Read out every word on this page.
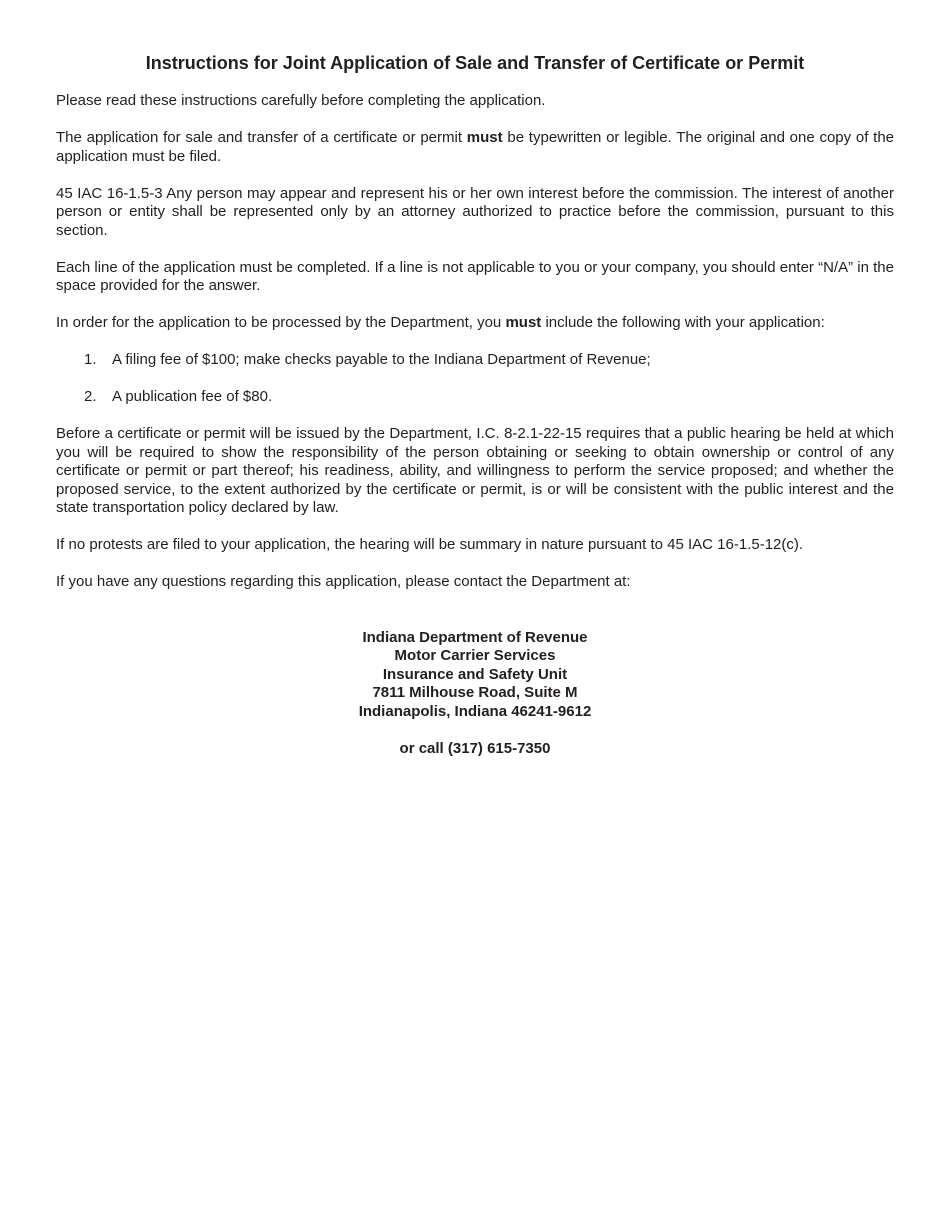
Instructions for Joint Application of Sale and Transfer of Certificate or Permit

Please read these instructions carefully before completing the application.

The application for sale and transfer of a certificate or permit must be typewritten or legible. The original and one copy of the application must be filed.

45 IAC 16-1.5-3 Any person may appear and represent his or her own interest before the commission. The interest of another person or entity shall be represented only by an attorney authorized to practice before the commission, pursuant to this section.

Each line of the application must be completed. If a line is not applicable to you or your company, you should enter “N/A” in the space provided for the answer.

In order for the application to be processed by the Department, you must include the following with your application:

1. A filing fee of $100; make checks payable to the Indiana Department of Revenue;
2. A publication fee of $80.

Before a certificate or permit will be issued by the Department, I.C. 8-2.1-22-15 requires that a public hearing be held at which you will be required to show the responsibility of the person obtaining or seeking to obtain ownership or control of any certificate or permit or part thereof; his readiness, ability, and willingness to perform the service proposed; and whether the proposed service, to the extent authorized by the certificate or permit, is or will be consistent with the public interest and the state transportation policy declared by law.

If no protests are filed to your application, the hearing will be summary in nature pursuant to 45 IAC 16-1.5-12(c).

If you have any questions regarding this application, please contact the Department at:

Indiana Department of Revenue
Motor Carrier Services
Insurance and Safety Unit
7811 Milhouse Road, Suite M
Indianapolis, Indiana 46241-9612
or call (317) 615-7350
